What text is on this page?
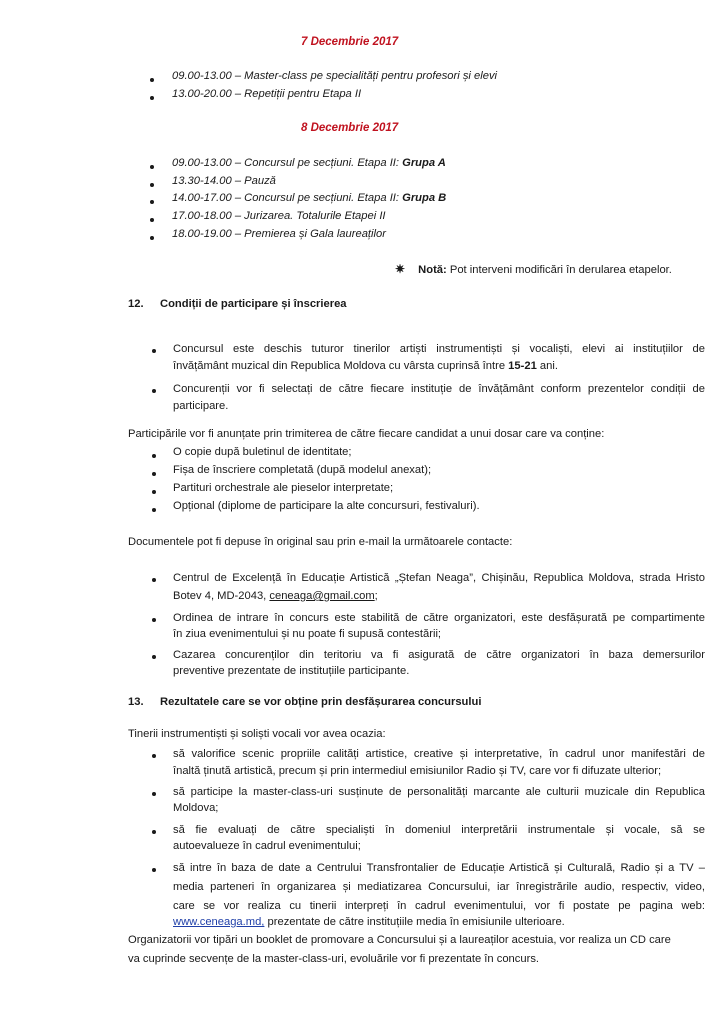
7 Decembrie 2017
09.00-13.00 – Master-class pe specialități pentru profesori și elevi
13.00-20.00 – Repetiții pentru Etapa II
8 Decembrie 2017
09.00-13.00 – Concursul pe secțiuni. Etapa II: Grupa A
13.30-14.00 – Pauză
14.00-17.00 – Concursul pe secțiuni. Etapa II: Grupa B
17.00-18.00 – Jurizarea. Totalurile Etapei II
18.00-19.00 – Premierea și Gala laureaților
✷ Notă: Pot interveni modificări în derularea etapelor.
12. Condiții de participare și înscrierea
Concursul este deschis tuturor tinerilor artiști instrumentiști și vocaliști, elevi ai instituțiilor de
învățământ muzical din Republica Moldova cu vârsta cuprinsă între 15-21 ani.
Concurenții vor fi selectați de către fiecare instituție de învățământ conform prezentelor condiții de
participare.
Participările vor fi anunțate prin trimiterea de către fiecare candidat a unui dosar care va conține:
O copie după buletinul de identitate;
Fișa de înscriere completată (după modelul anexat);
Partituri orchestrale ale pieselor interpretate;
Opțional (diplome de participare la alte concursuri, festivaluri).
Documentele pot fi depuse în original sau prin e-mail la următoarele contacte:
Centrul de Excelență în Educație Artistică „Ștefan Neaga”, Chișinău, Republica Moldova, strada Hristo
Botev 4, MD-2043, ceneaga@gmail.com;
Ordinea de intrare în concurs este stabilită de către organizatori, este desfășurată pe compartimente
în ziua evenimentului și nu poate fi supusă contestării;
Cazarea concurenților din teritoriu va fi asigurată de către organizatori în baza demersurilor
preventive prezentate de instituțiile participante.
13. Rezultatele care se vor obține prin desfășurarea concursului
Tinerii instrumentiști și soliști vocali vor avea ocazia:
să valorifice scenic propriile calități artistice, creative și interpretative, în cadrul unor manifestări de
înaltă ținută artistică, precum și prin intermediul emisiunilor Radio și TV, care vor fi difuzate ulterior;
să participe la master-class-uri susținute de personalități marcante ale culturii muzicale din Republica
Moldova;
să fie evaluați de către specialiști în domeniul interpretării instrumentale și vocale, să se
autoevalueze în cadrul evenimentului;
să intre în baza de date a Centrului Transfrontalier de Educație Artistică și Culturală, Radio și a TV –
media parteneri în organizarea și mediatizarea Concursului, iar înregistrările audio, respectiv, video,
care se vor realiza cu tinerii interpreți în cadrul evenimentului, vor fi postate pe pagina web:
www.ceneaga.md, prezentate de către instituțiile media în emisiunile ulterioare.
Organizatorii vor tipări un booklet de promovare a Concursului și a laureaților acestuia, vor realiza un CD care
va cuprinde secvențe de la master-class-uri, evoluările vor fi prezentate în concurs.
